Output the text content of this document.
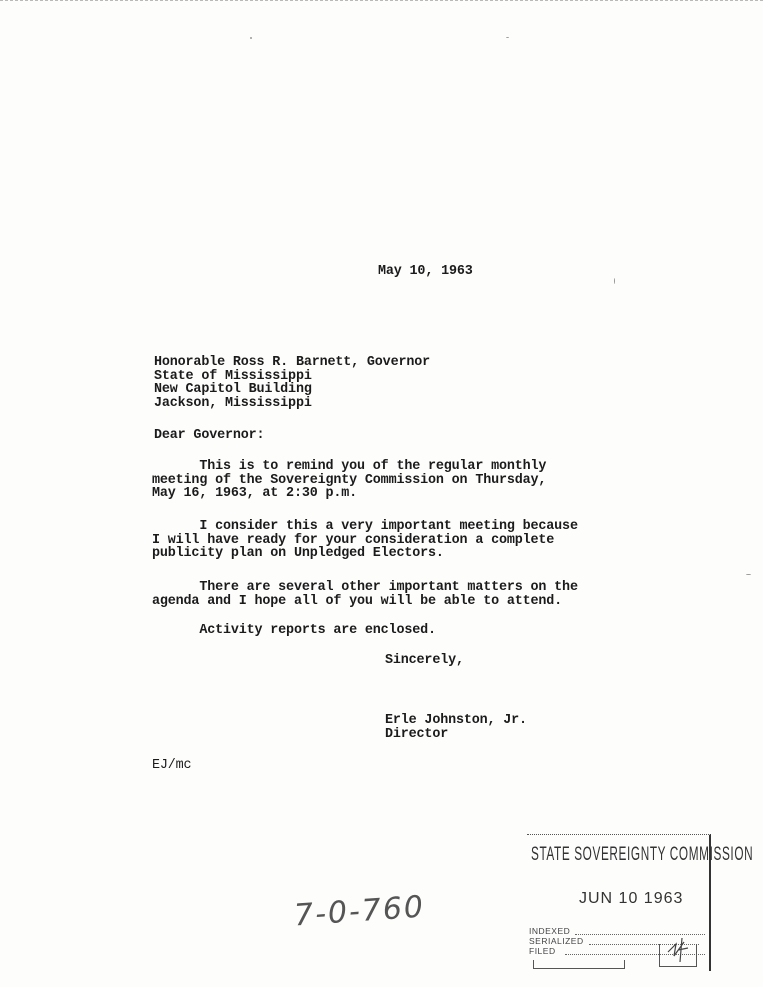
May 10, 1963
Honorable Ross R. Barnett, Governor
State of Mississippi
New Capitol Building
Jackson, Mississippi
Dear Governor:
This is to remind you of the regular monthly
meeting of the Sovereignty Commission on Thursday,
May 16, 1963, at 2:30 p.m.
I consider this a very important meeting because
I will have ready for your consideration a complete
publicity plan on Unpledged Electors.
There are several other important matters on the
agenda and I hope all of you will be able to attend.
Activity reports are enclosed.
Sincerely,
Erle Johnston, Jr.
Director
EJ/mc
7-0-760
STATE SOVEREIGNTY COMMISSION
JUN 10 1963
INDEXED
SERIALIZED
FILED
